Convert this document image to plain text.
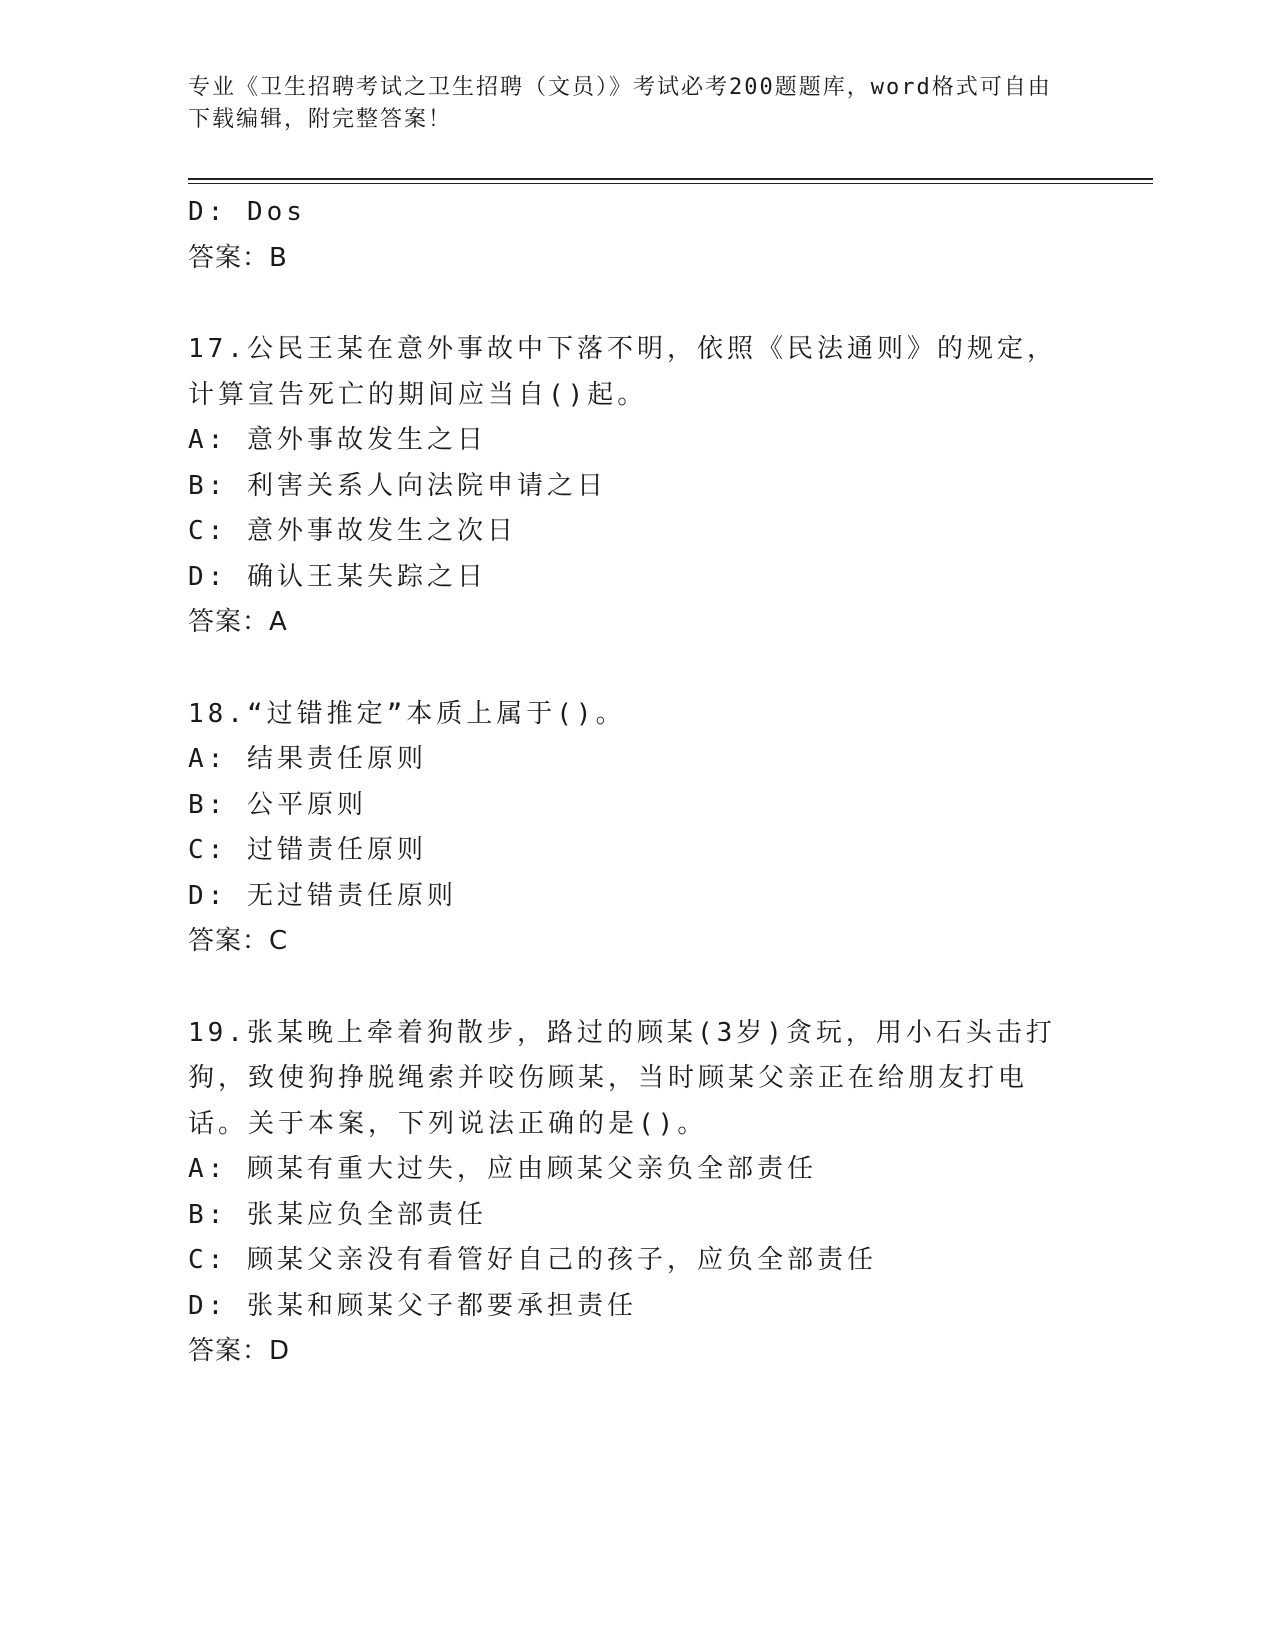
专业《卫生招聘考试之卫生招聘（文员）》考试必考200题题库，word格式可自由下载编辑，附完整答案！
D: Dos
答案：B
17.公民王某在意外事故中下落不明，依照《民法通则》的规定，计算宣告死亡的期间应当自()起。
A: 意外事故发生之日
B: 利害关系人向法院申请之日
C: 意外事故发生之次日
D: 确认王某失踪之日
答案：A
18.“过错推定”本质上属于()。
A: 结果责任原则
B: 公平原则
C: 过错责任原则
D: 无过错责任原则
答案：C
19.张某晚上牵着狗散步，路过的顾某(3岁)贪玩，用小石头击打狗，致使狗挣脱绳索并咬伤顾某，当时顾某父亲正在给朋友打电话。关于本案，下列说法正确的是()。
A: 顾某有重大过失，应由顾某父亲负全部责任
B: 张某应负全部责任
C: 顾某父亲没有看管好自己的孩子，应负全部责任
D: 张某和顾某父子都要承担责任
答案：D
